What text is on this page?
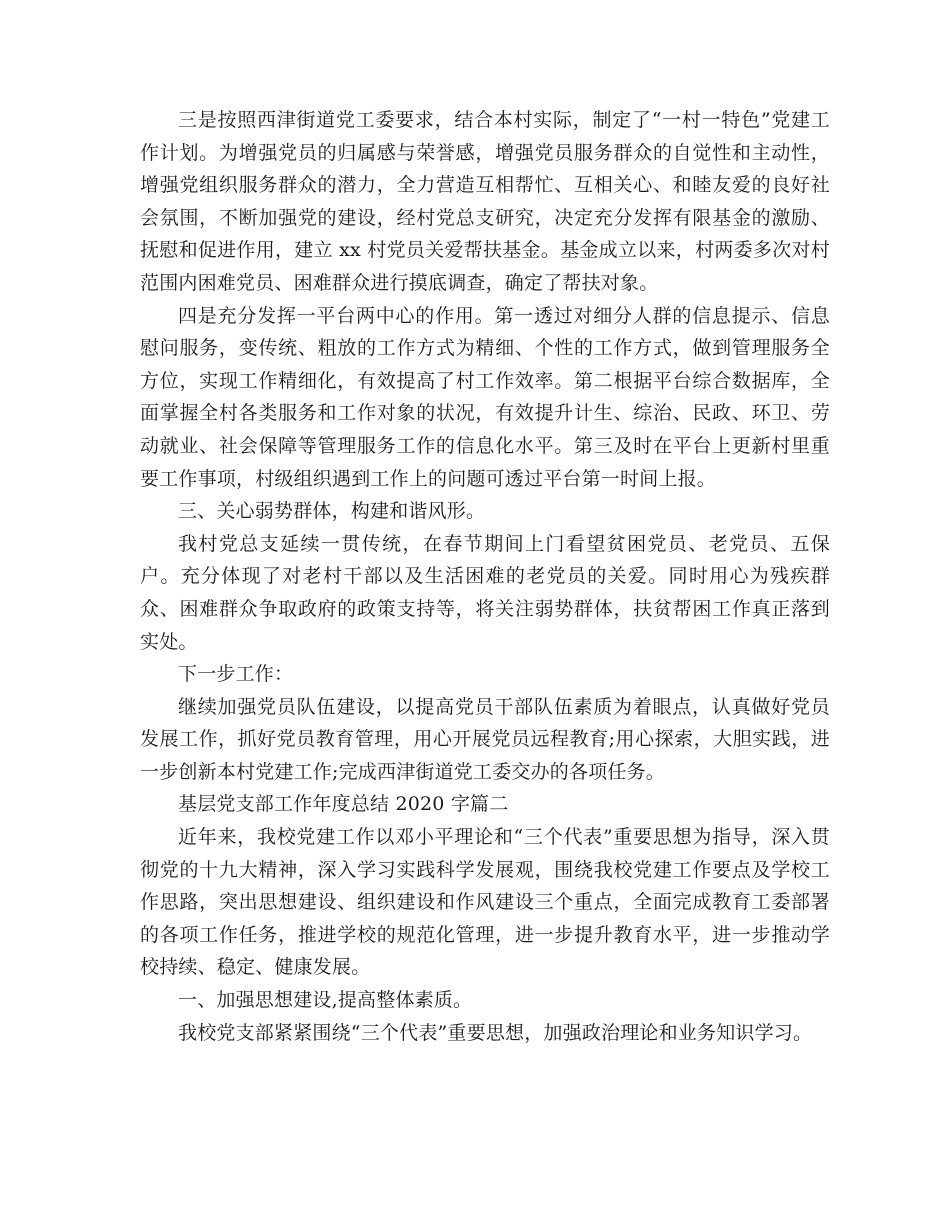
三是按照西津街道党工委要求，结合本村实际，制定了“一村一特色”党建工作计划。为增强党员的归属感与荣誉感，增强党员服务群众的自觉性和主动性，增强党组织服务群众的潜力，全力营造互相帮忙、互相关心、和睦友爱的良好社会氛围，不断加强党的建设，经村党总支研究，决定充分发挥有限基金的激励、抚慰和促进作用，建立 xx 村党员关爱帮扶基金。基金成立以来，村两委多次对村范围内困难党员、困难群众进行摸底调查，确定了帮扶对象。

四是充分发挥一平台两中心的作用。第一透过对细分人群的信息提示、信息慰问服务，变传统、粗放的工作方式为精细、个性的工作方式，做到管理服务全方位，实现工作精细化，有效提高了村工作效率。第二根据平台综合数据库，全面掌握全村各类服务和工作对象的状况，有效提升计生、综治、民政、环卫、劳动就业、社会保障等管理服务工作的信息化水平。第三及时在平台上更新村里重要工作事项，村级组织遇到工作上的问题可透过平台第一时间上报。

三、关心弱势群体，构建和谐风形。

我村党总支延续一贯传统，在春节期间上门看望贫困党员、老党员、五保户。充分体现了对老村干部以及生活困难的老党员的关爱。同时用心为残疾群众、困难群众争取政府的政策支持等，将关注弱势群体，扶贫帮困工作真正落到实处。

下一步工作：

继续加强党员队伍建设，以提高党员干部队伍素质为着眼点，认真做好党员发展工作，抓好党员教育管理，用心开展党员远程教育;用心探索，大胆实践，进一步创新本村党建工作;完成西津街道党工委交办的各项任务。

基层党支部工作年度总结 2020 字篇二

近年来，我校党建工作以邓小平理论和“三个代表”重要思想为指导，深入贯彻党的十九大精神，深入学习实践科学发展观，围绕我校党建工作要点及学校工作思路，突出思想建设、组织建设和作风建设三个重点，全面完成教育工委部署的各项工作任务，推进学校的规范化管理，进一步提升教育水平，进一步推动学校持续、稳定、健康发展。

一、加强思想建设,提高整体素质。

我校党支部紧紧围绕“三个代表”重要思想，加强政治理论和业务知识学习。
